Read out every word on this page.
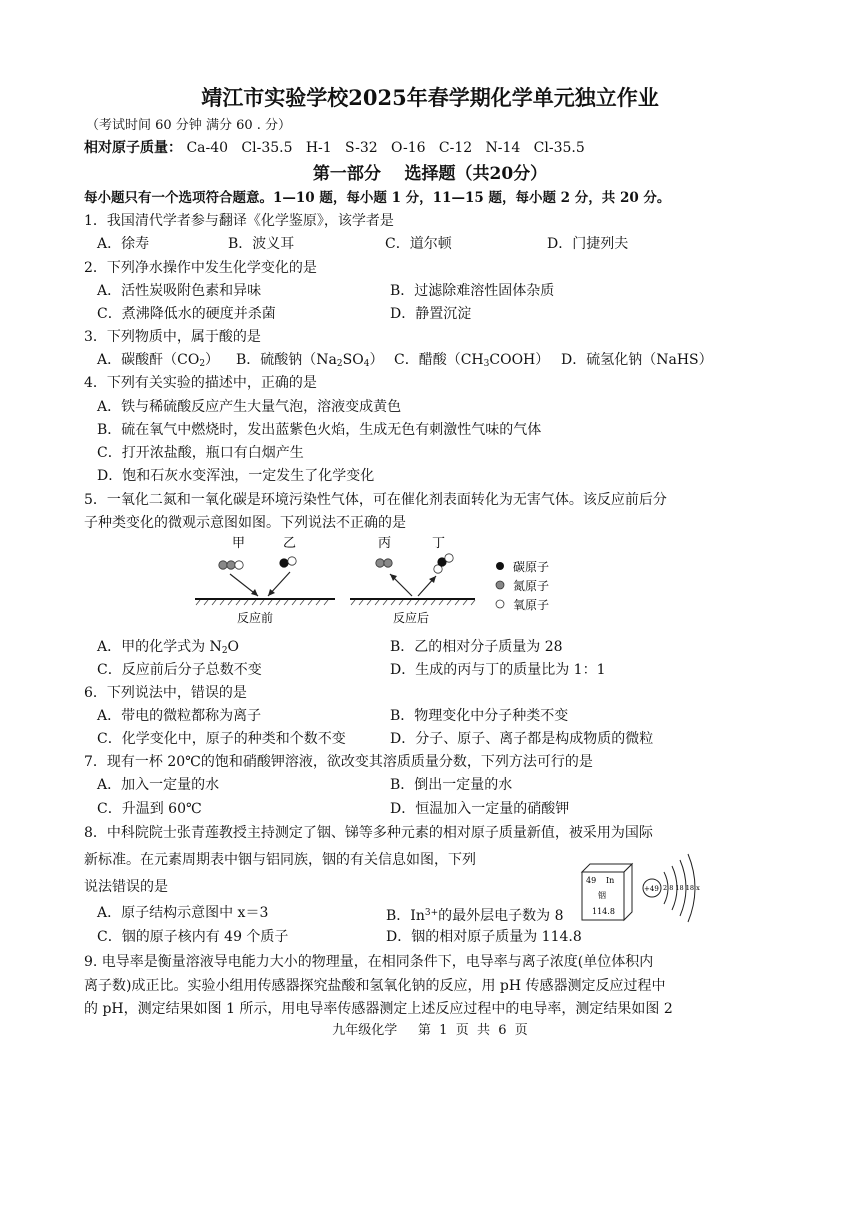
靖江市实验学校2025年春学期化学单元独立作业
（考试时间 60 分钟 满分 60 . 分）
相对原子质量： Ca-40   Cl-35.5   H-1   S-32   O-16   C-12   N-14   Cl-35.5
第一部分    选择题（共20分）
每小题只有一个选项符合题意。1—10 题，每小题 1 分，11—15 题，每小题 2 分，共 20 分。
1．我国清代学者参与翻译《化学鉴原》，该学者是
A．徐寿	B．波义耳	C．道尔顿	D．门捷列夫
2．下列净水操作中发生化学变化的是
A．活性炭吸附色素和异味	B．过滤除难溶性固体杂质
C．煮沸降低水的硬度并杀菌	D．静置沉淀
3．下列物质中，属于酸的是
A．碳酸酐$(CO_2)$ B．硫酸钠$(Na_2SO_4)$ C．醋酸$(CH_3COOH)$ D．硫氢化钠（NaHS）
4．下列有关实验的描述中，正确的是
A．铁与稀硫酸反应产生大量气泡，溶液变成黄色
B．硫在氧气中燃烧时，发出蓝紫色火焰，生成无色有刺激性气味的气体
C．打开浓盐酸，瓶口有白烟产生
D．饱和石灰水变浑浊，一定发生了化学变化
5．一氧化二氮和一氧化碳是环境污染性气体，可在催化剂表面转化为无害气体。该反应前后分
子种类变化的微观示意图如图。下列说法不正确的是
甲	乙	丙	丁
反应前	反应后
碳原子
氮原子
氧原子
A．甲的化学式为 $N_2O$	B．乙的相对分子质量为 28
C．反应前后分子总数不变	D．生成的丙与丁的质量比为 1：1
6．下列说法中，错误的是
A．带电的微粒都称为离子	B．物理变化中分子种类不变
C．化学变化中，原子的种类和个数不变	D．分子、原子、离子都是构成物质的微粒
7．现有一杯 20℃的饱和硝酸钾溶液，欲改变其溶质质量分数，下列方法可行的是
A．加入一定量的水	B．倒出一定量的水
C．升温到 60℃	D．恒温加入一定量的硝酸钾
8．中科院院士张青莲教授主持测定了铟、锑等多种元素的相对原子质量新值，被采用为国际
新标准。在元素周期表中铟与铝同族，铟的有关信息如图，下列
说法错误的是	49 In
铟
114.8
+49 2 8 18 18 x
A．原子结构示意图中 x＝3	B．$In^{3+}$的最外层电子数为 8
C．铟的原子核内有 49 个质子	D．铟的相对原子质量为 114.8
9. 电导率是衡量溶液导电能力大小的物理量，在相同条件下，电导率与离子浓度(单位体积内
离子数)成正比。实验小组用传感器探究盐酸和氢氧化钠的反应，用 pH 传感器测定反应过程中
的 pH，测定结果如图 1 所示，用电导率传感器测定上述反应过程中的电导率，测定结果如图 2
九年级化学     第  1  页  共  6  页
